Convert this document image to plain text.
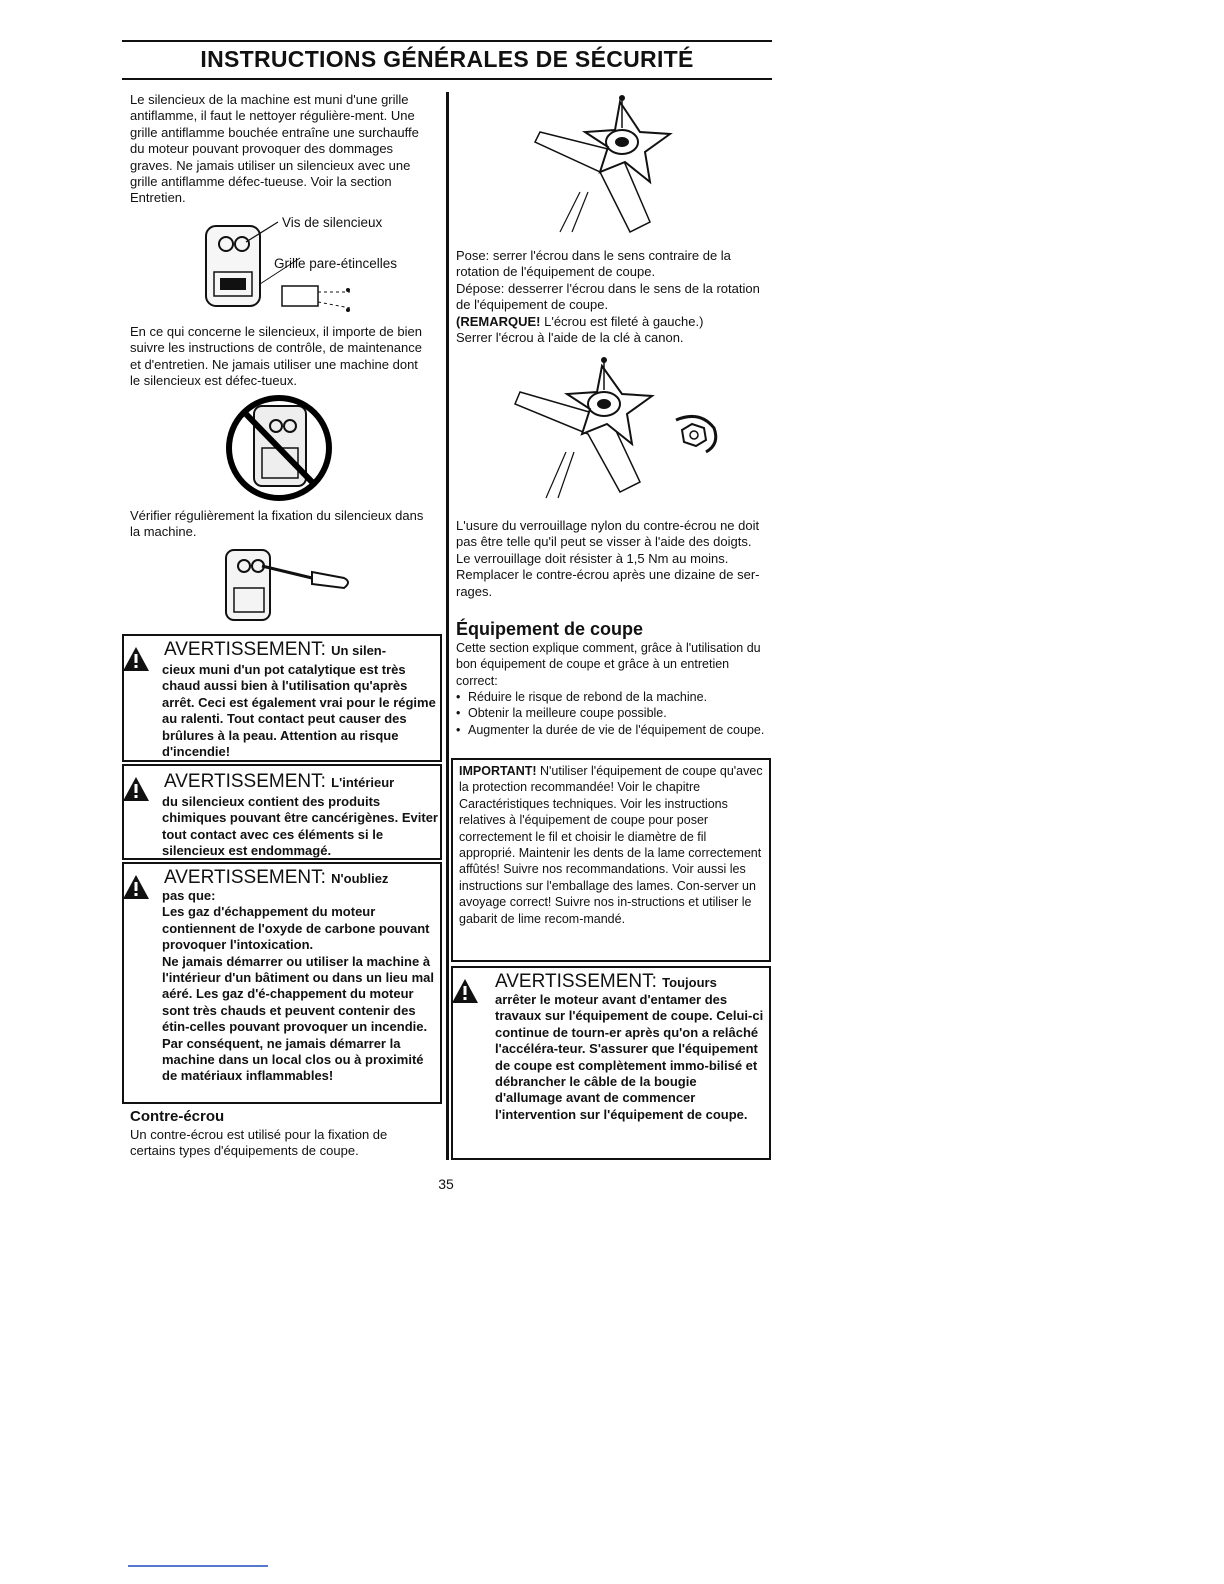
INSTRUCTIONS GÉNÉRALES DE SÉCURITÉ

Le silencieux de la machine est muni d'une grille antiflamme, il faut le nettoyer régulière-ment. Une grille antiflamme bouchée entraîne une surchauffe du moteur pouvant provoquer des dommages graves. Ne jamais utiliser un silencieux avec une grille antiflamme défec-tueuse. Voir la section Entretien.

Vis de silencieux
Grille pare-étincelles

En ce qui concerne le silencieux, il importe de bien suivre les instructions de contrôle, de maintenance et d'entretien. Ne jamais utiliser une machine dont le silencieux est défec-tueux.

Vérifier régulièrement la fixation du silencieux dans la machine.

AVERTISSEMENT: Un silen-
cieux muni d'un pot catalytique est très chaud aussi bien à l'utilisation qu'après arrêt. Ceci est également vrai pour le régime au ralenti. Tout contact peut causer des brûlures à la peau. Attention au risque d'incendie!
AVERTISSEMENT: L'intérieur
du silencieux contient des produits chimiques pouvant être cancérigènes. Eviter tout contact avec ces éléments si le silencieux est endommagé.
AVERTISSEMENT: N'oubliez
pas que:
Les gaz d'échappement du moteur contiennent de l'oxyde de carbone pouvant provoquer l'intoxication.
Ne jamais démarrer ou utiliser la machine à l'intérieur d'un bâtiment ou dans un lieu mal aéré. Les gaz d'é-chappement du moteur sont très chauds et peuvent contenir des étin-celles pouvant provoquer un incendie. Par conséquent, ne jamais démarrer la machine dans un local clos ou à proximité de matériaux inflammables!
Contre-écrou

Un contre-écrou est utilisé pour la fixation de certains types d'équipements de coupe.

Pose: serrer l'écrou dans le sens contraire de la rotation de l'équipement de coupe.
Dépose: desserrer l'écrou dans le sens de la rotation de l'équipement de coupe.
(REMARQUE! L'écrou est fileté à gauche.)
Serrer l'écrou à l'aide de la clé à canon.

L'usure du verrouillage nylon du contre-écrou ne doit pas être telle qu'il peut se visser à l'aide des doigts. Le verrouillage doit résister à 1,5 Nm au moins. Remplacer le contre-écrou après une dizaine de ser-rages.

Équipement de coupe

Cette section explique comment, grâce à l'utilisation du bon équipement de coupe et grâce à un entretien correct:

• Réduire le risque de rebond de la machine.
• Obtenir la meilleure coupe possible.
• Augmenter la durée de vie de l'équipement de coupe.
IMPORTANT! N'utiliser l'équipement de coupe qu'avec la protection recommandée! Voir le chapitre Caractéristiques techniques. Voir les instructions relatives à l'équipement de coupe pour poser correctement le fil et choisir le diamètre de fil approprié. Maintenir les dents de la lame correctement affûtés! Suivre nos recommandations. Voir aussi les instructions sur l'emballage des lames. Con-server un avoyage correct! Suivre nos in-structions et utiliser le gabarit de lime recom-mandé.
AVERTISSEMENT: Toujours
arrêter le moteur avant d'entamer des travaux sur l'équipement de coupe. Celui-ci continue de tourn-er après qu'on a relâché l'accéléra-teur. S'assurer que l'équipement de coupe est complètement immo-bilisé et débrancher le câble de la bougie d'allumage avant de commencer l'intervention sur l'équipement de coupe.
35
